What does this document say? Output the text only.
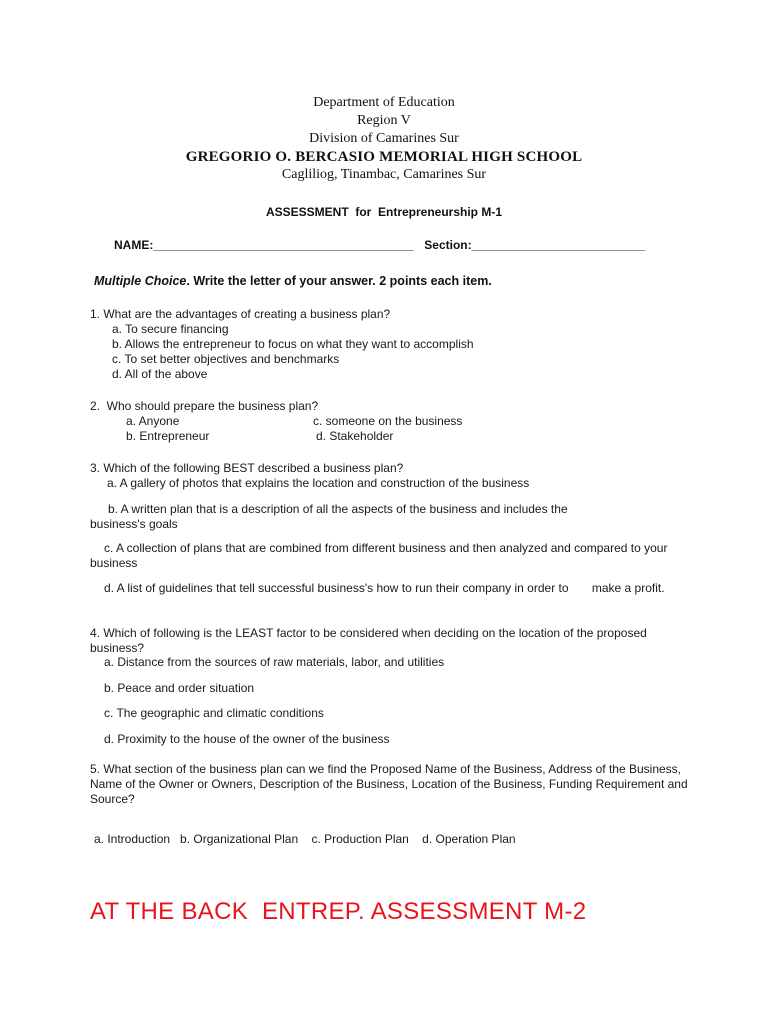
Department of Education
Region V
Division of Camarines Sur
GREGORIO O. BERCASIO MEMORIAL HIGH SCHOOL
Cagliliog, Tinambac, Camarines Sur
ASSESSMENT  for  Entrepreneurship M-1
NAME:_______________________________________ Section:__________________________
Multiple Choice. Write the letter of your answer. 2 points each item.
1. What are the advantages of creating a business plan?
a. To secure financing
b. Allows the entrepreneur to focus on what they want to accomplish
c. To set better objectives and benchmarks
d. All of the above
2.  Who should prepare the business plan?
a. Anyone	c. someone on the business
b. Entrepreneur	d. Stakeholder
3. Which of the following BEST described a business plan?
a. A gallery of photos that explains the location and construction of the business
b. A written plan that is a description of all the aspects of the business and includes the business's goals
c. A collection of plans that are combined from different business and then analyzed and compared to your business
d. A list of guidelines that tell successful business's how to run their company in order to       make a profit.
4. Which of following is the LEAST factor to be considered when deciding on the location of the proposed business?
a. Distance from the sources of raw materials, labor, and utilities
b. Peace and order situation
c. The geographic and climatic conditions
d. Proximity to the house of the owner of the business
5. What section of the business plan can we find the Proposed Name of the Business, Address of the Business, Name of the Owner or Owners, Description of the Business, Location of the Business, Funding Requirement and Source?
a. Introduction   b. Organizational Plan    c. Production Plan    d. Operation Plan
AT THE BACK  ENTREP. ASSESSMENT M-2
